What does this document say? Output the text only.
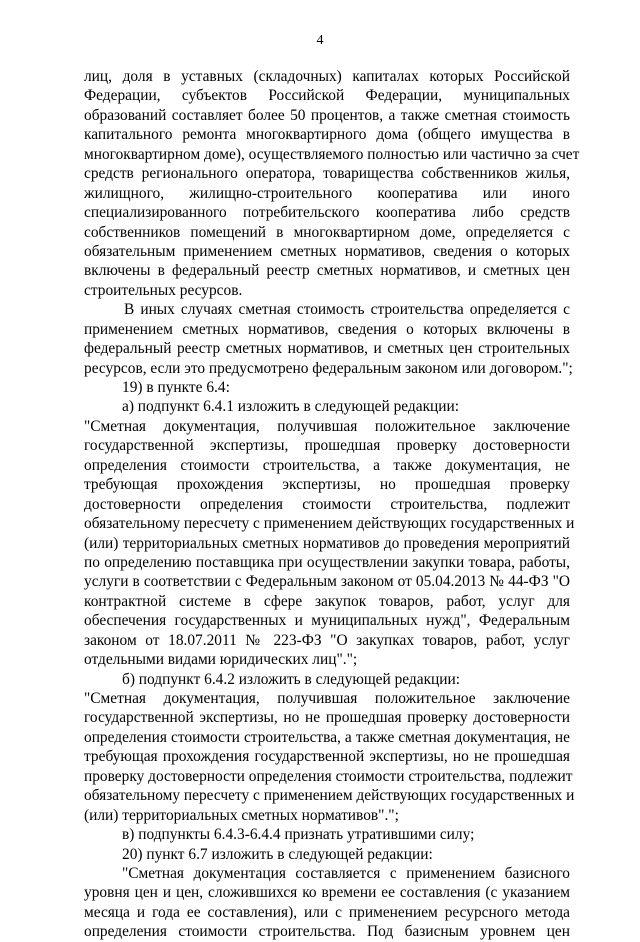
4
лиц, доля в уставных (складочных) капиталах которых Российской
Федерации, субъектов Российской Федерации, муниципальных
образований составляет более 50 процентов, а также сметная стоимость
капитального ремонта многоквартирного дома (общего имущества в
многоквартирном доме), осуществляемого полностью или частично за счет
средств регионального оператора, товарищества собственников жилья,
жилищного, жилищно-строительного кооператива или иного
специализированного потребительского кооператива либо средств
собственников помещений в многоквартирном доме, определяется с
обязательным применением сметных нормативов, сведения о которых
включены в федеральный реестр сметных нормативов, и сметных цен
строительных ресурсов.
В иных случаях сметная стоимость строительства определяется с
применением сметных нормативов, сведения о которых включены в
федеральный реестр сметных нормативов, и сметных цен строительных
ресурсов, если это предусмотрено федеральным законом или договором.";
19) в пункте 6.4:
а) подпункт 6.4.1 изложить в следующей редакции:
"Сметная документация, получившая положительное заключение
государственной экспертизы, прошедшая проверку достоверности
определения стоимости строительства, а также документация, не
требующая прохождения экспертизы, но прошедшая проверку
достоверности определения стоимости строительства, подлежит
обязательному пересчету с применением действующих государственных и
(или) территориальных сметных нормативов до проведения мероприятий
по определению поставщика при осуществлении закупки товара, работы,
услуги в соответствии с Федеральным законом от 05.04.2013 № 44-ФЗ "О
контрактной системе в сфере закупок товаров, работ, услуг для
обеспечения государственных и муниципальных нужд", Федеральным
законом от 18.07.2011 № 223-ФЗ "О закупках товаров, работ, услуг
отдельными видами юридических лиц".";
б) подпункт 6.4.2 изложить в следующей редакции:
"Сметная документация, получившая положительное заключение
государственной экспертизы, но не прошедшая проверку достоверности
определения стоимости строительства, а также сметная документация, не
требующая прохождения государственной экспертизы, но не прошедшая
проверку достоверности определения стоимости строительства, подлежит
обязательному пересчету с применением действующих государственных и
(или) территориальных сметных нормативов".";
в) подпункты 6.4.3-6.4.4 признать утратившими силу;
20) пункт 6.7 изложить в следующей редакции:
"Сметная документация составляется с применением базисного
уровня цен и цен, сложившихся ко времени ее составления (с указанием
месяца и года ее составления), или с применением ресурсного метода
определения стоимости строительства. Под базисным уровнем цен
